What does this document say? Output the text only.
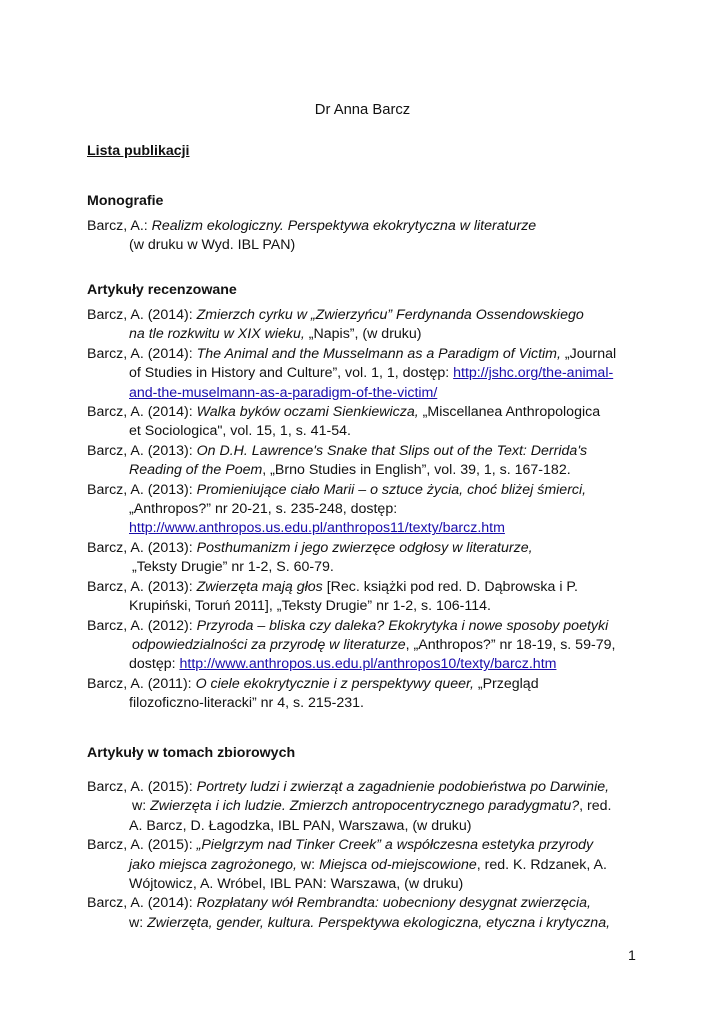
Dr Anna Barcz
Lista publikacji
Monografie
Barcz, A.: Realizm ekologiczny. Perspektywa ekokrytyczna w literaturze
(w druku w Wyd. IBL PAN)
Artykuły recenzowane
Barcz, A. (2014): Zmierzch cyrku w „Zwierzyńcu” Ferdynanda Ossendowskiego
na tle rozkwitu w XIX wieku, „Napis”, (w druku)
Barcz, A. (2014): The Animal and the Musselmann as a Paradigm of Victim, „Journal
of Studies in History and Culture”, vol. 1, 1, dostęp: http://jshc.org/the-animal-
and-the-muselmann-as-a-paradigm-of-the-victim/
Barcz, A. (2014): Walka byków oczami Sienkiewicza, „Miscellanea Anthropologica
et Sociologica", vol. 15, 1, s. 41-54.
Barcz, A. (2013): On D.H. Lawrence's Snake that Slips out of the Text: Derrida's
Reading of the Poem, „Brno Studies in English”, vol. 39, 1, s. 167-182.
Barcz, A. (2013): Promieniujące ciało Marii – o sztuce życia, choć bliżej śmierci,
„Anthropos?” nr 20-21, s. 235-248, dostęp:
http://www.anthropos.us.edu.pl/anthropos11/texty/barcz.htm
Barcz, A. (2013): Posthumanizm i jego zwierzęce odgłosy w literaturze,
„Teksty Drugie” nr 1-2, S. 60-79.
Barcz, A. (2013): Zwierzęta mają głos [Rec. książki pod red. D. Dąbrowska i P.
Krupiński, Toruń 2011], „Teksty Drugie” nr 1-2, s. 106-114.
Barcz, A. (2012): Przyroda – bliska czy daleka? Ekokrytyka i nowe sposoby poetyki
odpowiedzialności za przyrodę w literaturze, „Anthropos?” nr 18-19, s. 59-79,
dostęp: http://www.anthropos.us.edu.pl/anthropos10/texty/barcz.htm
Barcz, A. (2011): O ciele ekokrytycznie i z perspektywy queer, „Przegląd
filozoficzno-literacki” nr 4, s. 215-231.
Artykuły w tomach zbiorowych
Barcz, A. (2015): Portrety ludzi i zwierząt a zagadnienie podobieństwa po Darwinie,
w: Zwierzęta i ich ludzie. Zmierzch antropocentrycznego paradygmatu?, red.
A. Barcz, D. Łagodzka, IBL PAN, Warszawa, (w druku)
Barcz, A. (2015): „Pielgrzym nad Tinker Creek” a współczesna estetyka przyrody
jako miejsca zagrożonego, w: Miejsca od-miejscowione, red. K. Rdzanek, A.
Wójtowicz, A. Wróbel, IBL PAN: Warszawa, (w druku)
Barcz, A. (2014): Rozpłatany wół Rembrandta: uobecniony desygnat zwierzęcia,
w: Zwierzęta, gender, kultura. Perspektywa ekologiczna, etyczna i krytyczna,
1
